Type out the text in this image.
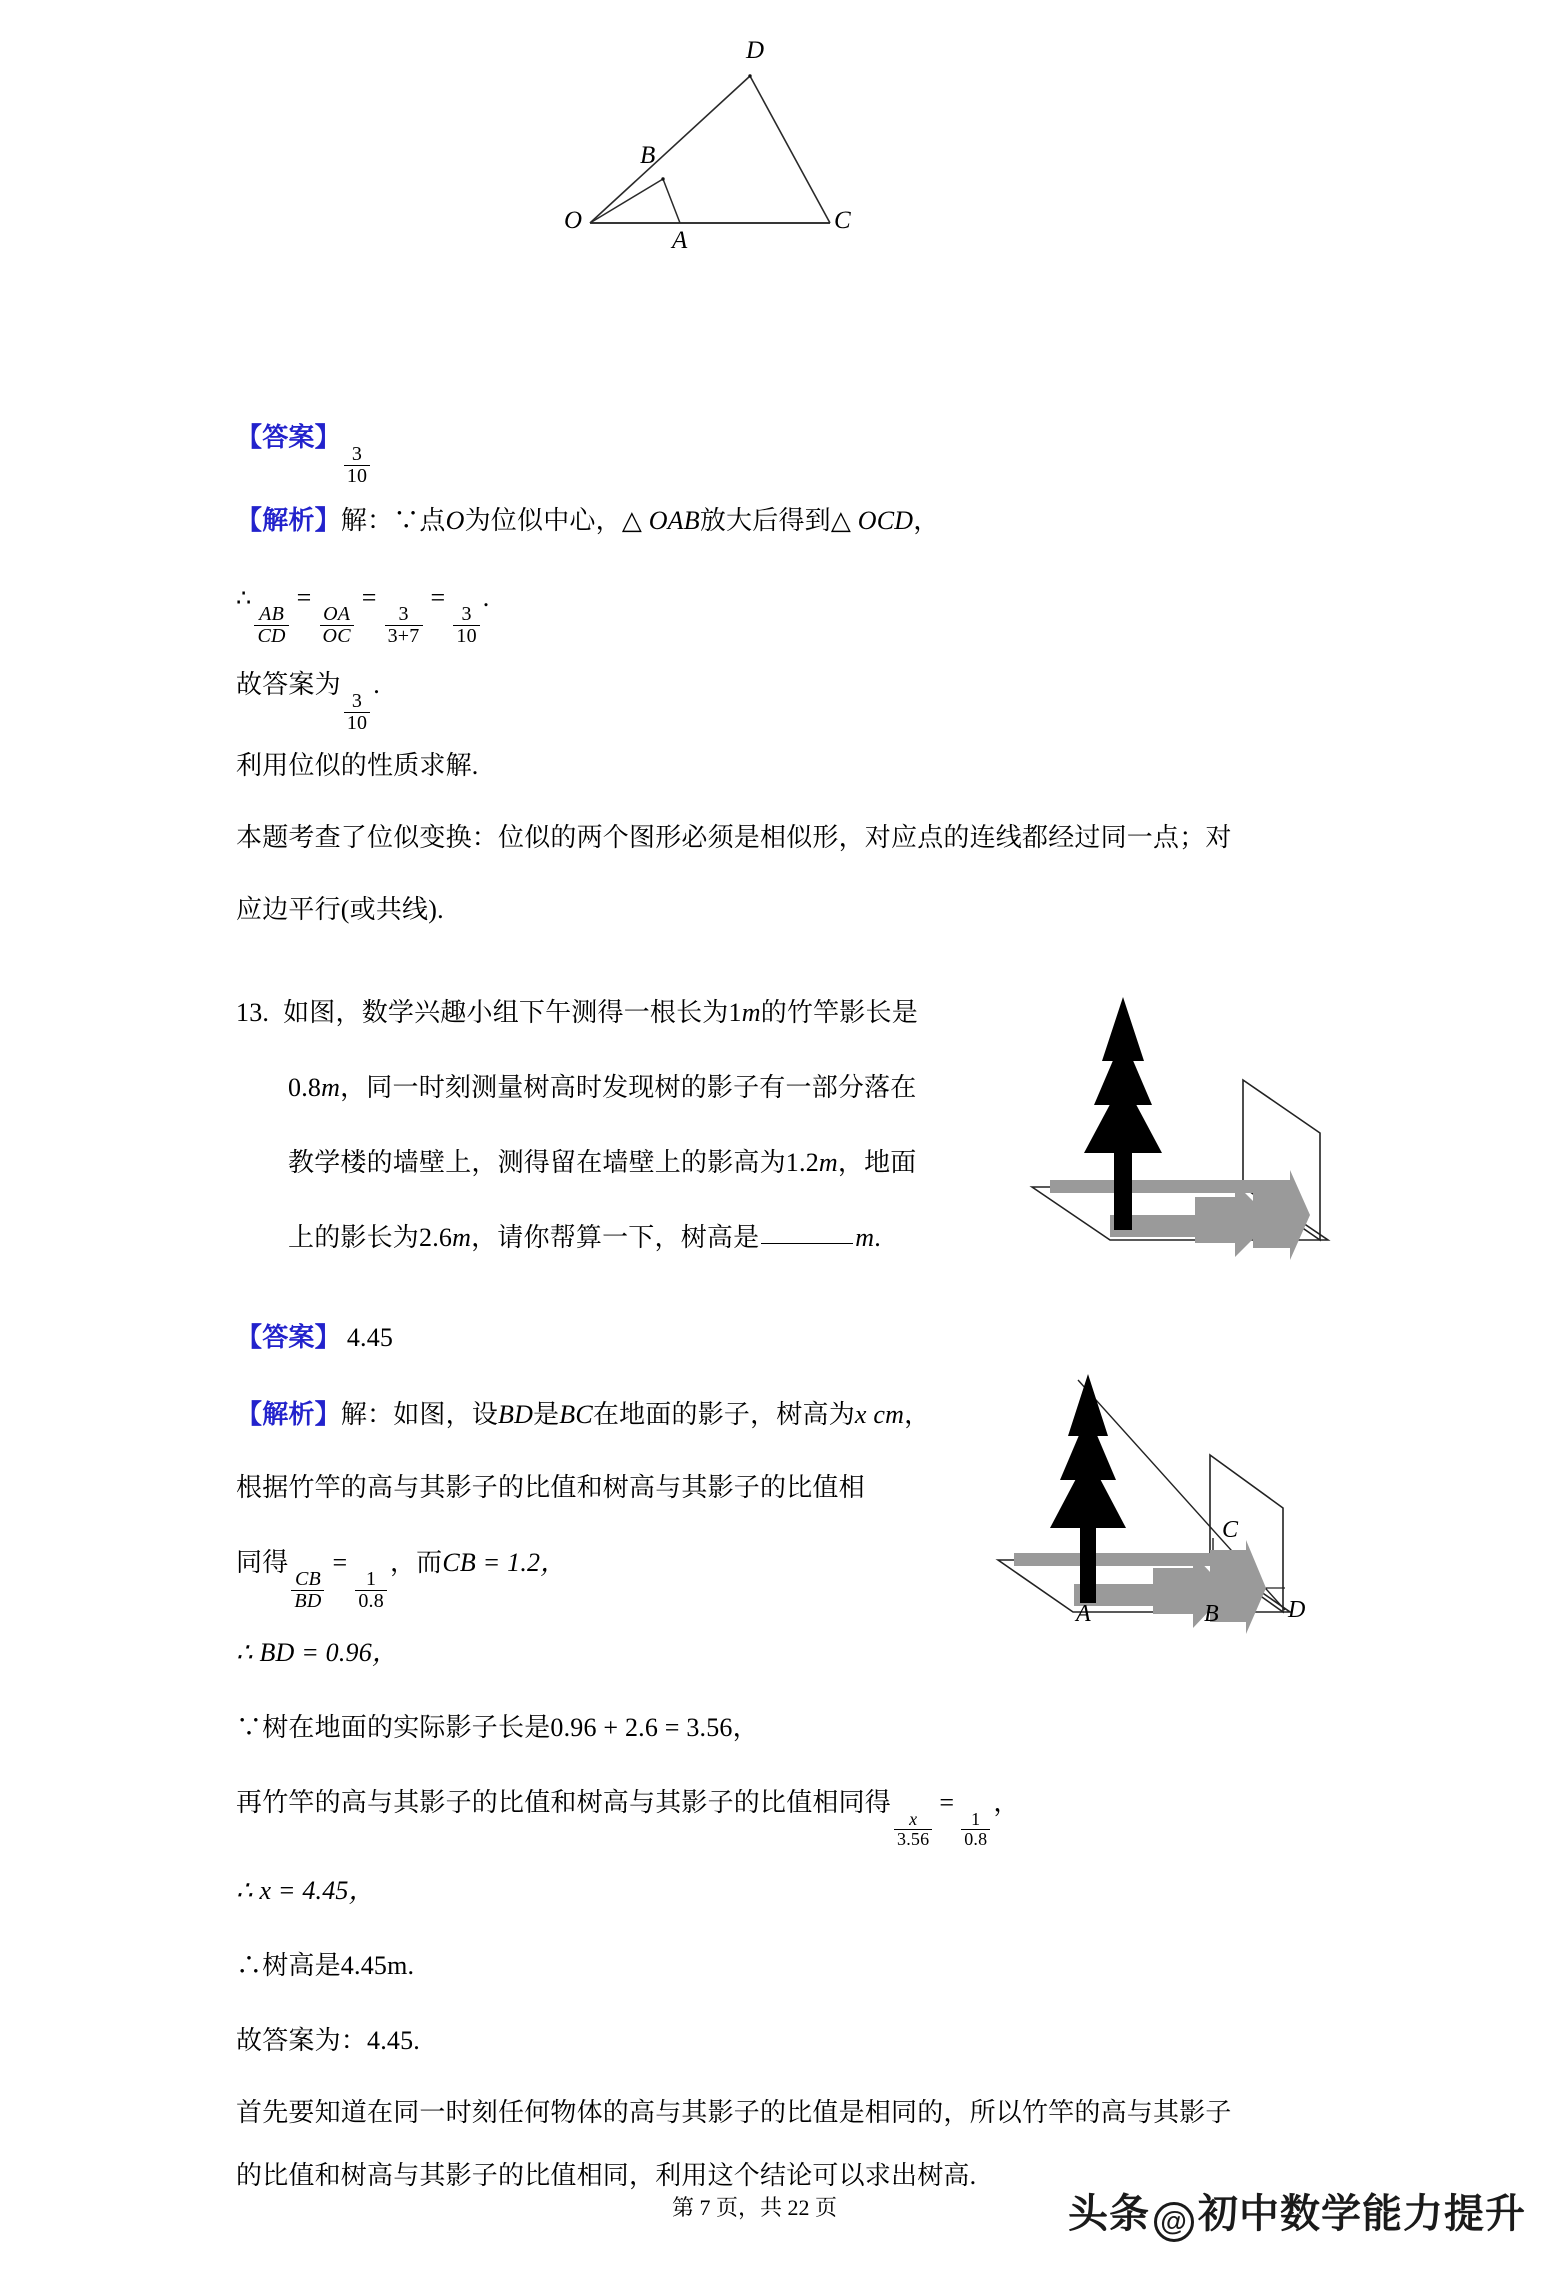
D
B
O
A
C
【答案】
$\frac{3}{10}$
【解析】解：∵点O为位似中心，△ OAB放大后得到△ OCD，
∴
$\frac{AB}{CD}$
=
$\frac{OA}{OC}$
=
$\frac{3}{3+7}$
=
$\frac{3}{10}$
.
故答案为
$\frac{3}{10}$
.
利用位似的性质求解.
本题考查了位似变换：位似的两个图形必须是相似形，对应点的连线都经过同一点；对
应边平行(或共线).
13. 如图，数学兴趣小组下午测得一根长为1m的竹竿影长是
0.8m，同一时刻测量树高时发现树的影子有一部分落在
教学楼的墙壁上，测得留在墙壁上的影高为1.2m，地面
上的影长为2.6m，请你帮算一下，树高是	m.
【答案】 4.45
【解析】解：如图，设BD是BC在地面的影子，树高为x cm，
根据竹竿的高与其影子的比值和树高与其影子的比值相
同得
$\frac{CB}{BD}$
=
$\frac{1}{0.8}$
，而CB = 1.2，
∴ BD = 0.96，
∵树在地面的实际影子长是0.96 + 2.6 = 3.56，
再竹竿的高与其影子的比值和树高与其影子的比值相同得
$\frac{x}{3.56}$
=
$\frac{1}{0.8}$
，
∴ x = 4.45，
∴树高是4.45m.
故答案为：4.45.
首先要知道在同一时刻任何物体的高与其影子的比值是相同的，所以竹竿的高与其影子
的比值和树高与其影子的比值相同，利用这个结论可以求出树高.
C
A	B	D
第 7 页，共 22 页	头条 @ 初中数学能力提升
